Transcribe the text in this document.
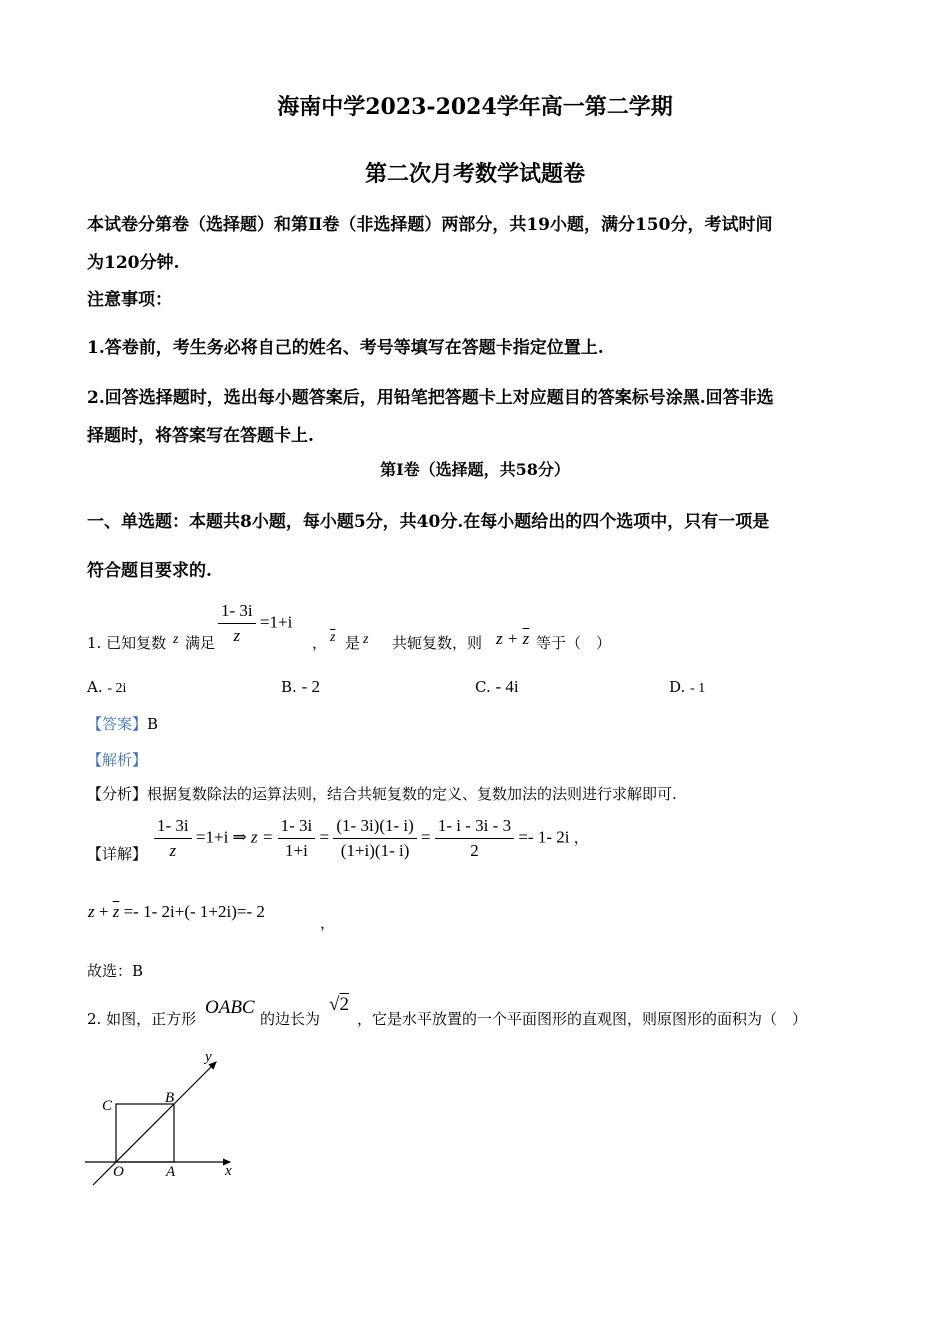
海南中学2023-2024学年高一第二学期
第二次月考数学试题卷
本试卷分第卷（选择题）和第Ⅱ卷（非选择题）两部分，共19小题，满分150分，考试时间
为120分钟.
注意事项：
1.答卷前，考生务必将自己的姓名、考号等填写在答题卡指定位置上.
2.回答选择题时，选出每小题答案后，用铅笔把答题卡上对应题目的答案标号涂黑.回答非选
择题时，将答案写在答题卡上.
第I卷（选择题，共58分）
一、单选题：本题共8小题，每小题5分，共40分.在每小题给出的四个选项中，只有一项是
符合题目要求的.
1. 已知复数 z 满足 $\frac{1- 3i}{z} =1+i$
， $\overline{z}$ 是 z 共轭复数，则 $z + \overline{z}$ 等于（　）
A. - 2i	B. - 2	C. - 4i	D. - 1
【答案】B
【解析】
【分析】根据复数除法的运算法则，结合共轭复数的定义、复数加法的法则进行求解即可.
【详解】 $\frac{1- 3i}{z} =1+i$ ⇒ $z = \frac{1- 3i}{1+i} = \frac{(1- 3i)(1- i)}{(1+i)(1- i)} = \frac{1- i - 3i - 3}{2} =- 1-$ 2i ，
$z + \overline{z} =- 1-$ 2i+(- 1+2i)=- 2
，
故选：B
2. 如图，正方形
OABC
的边长为
√2
，它是水平放置的一个平面图形的直观图，则原图形的面积为（　）
y
x
C	B
O	A
